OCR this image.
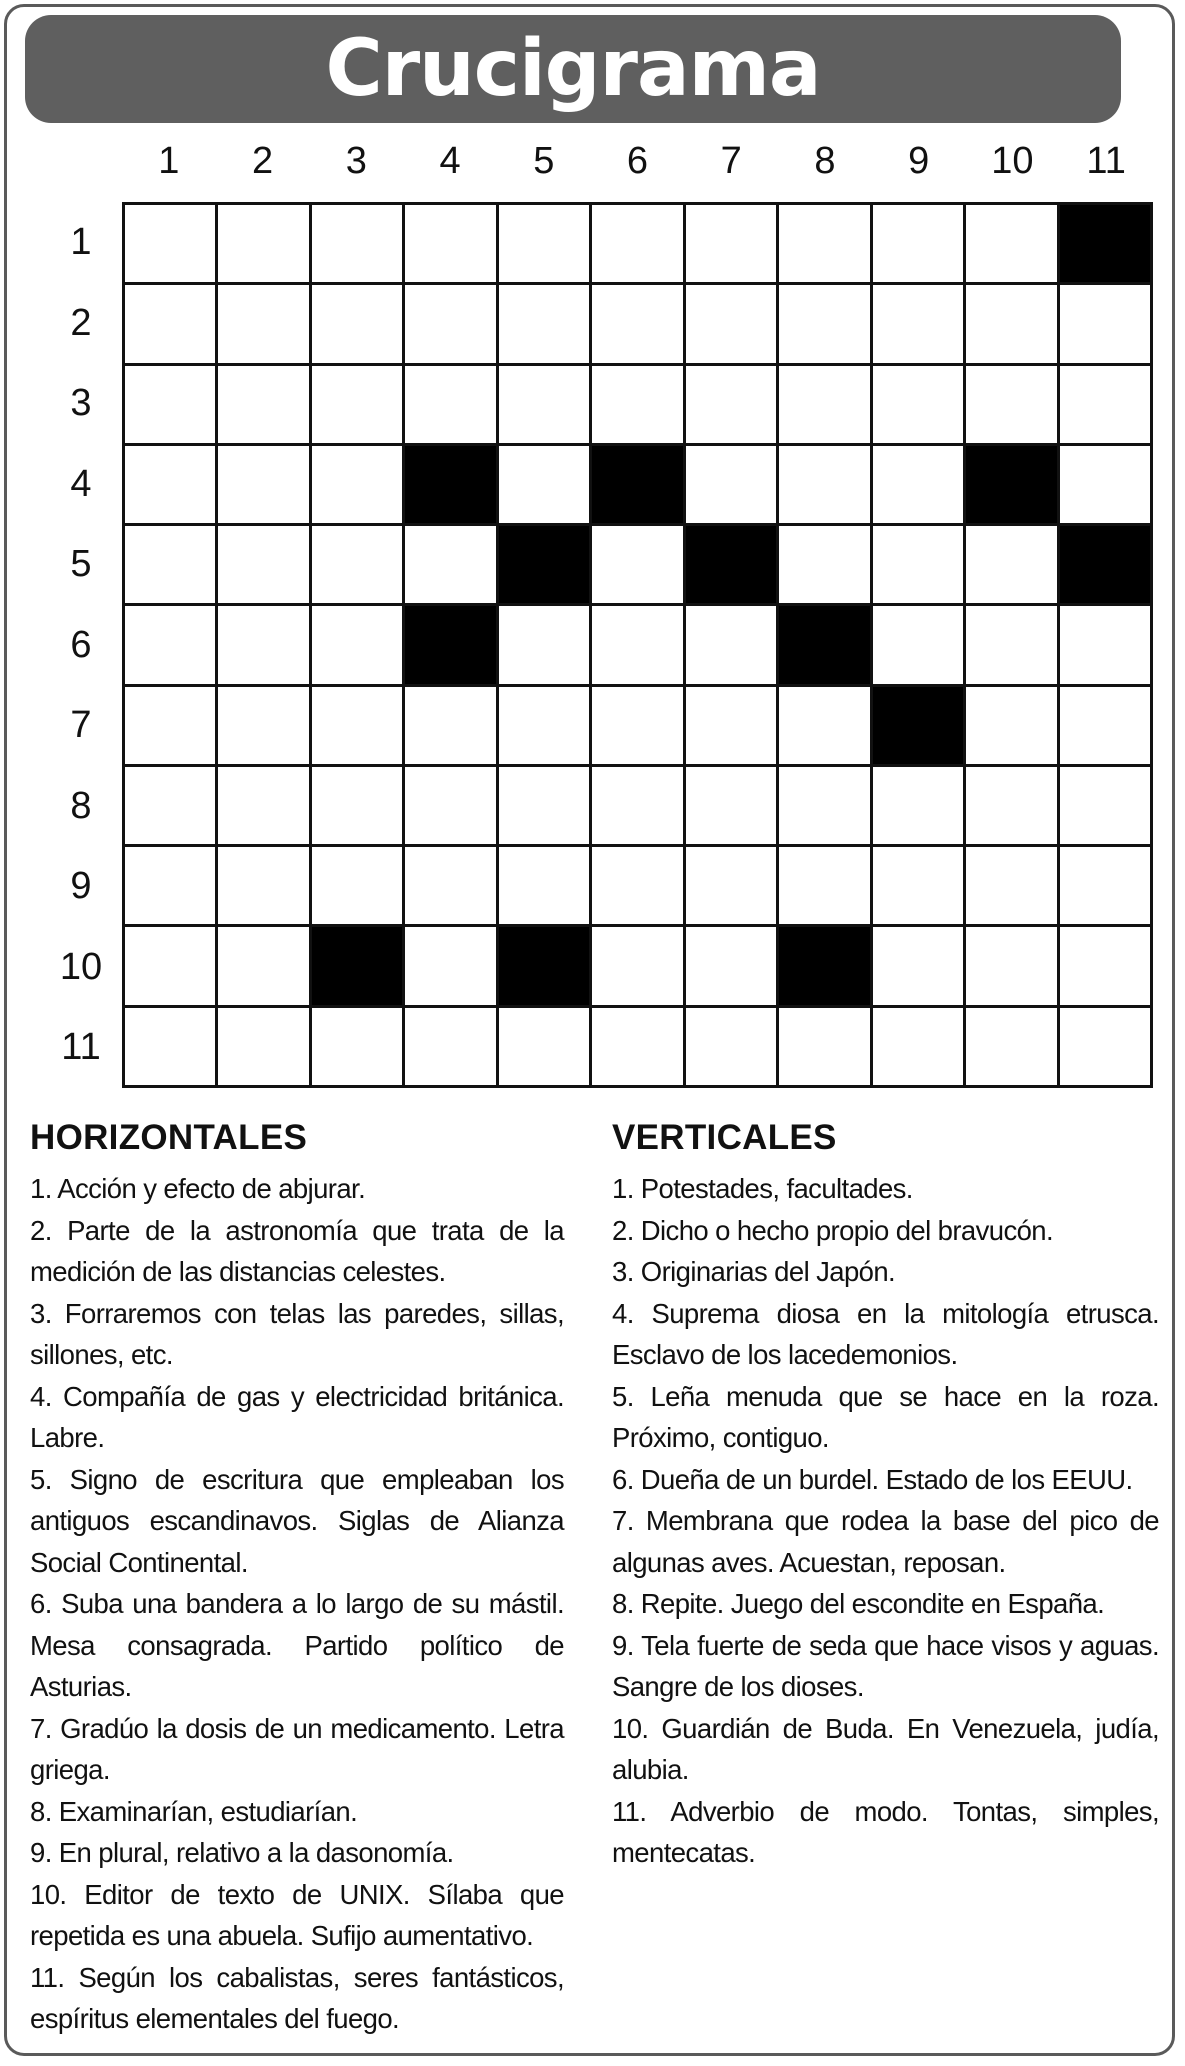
Crucigrama
1	2	3	4	5	6	7	8	9	10	11
1
2
3
4
5
6
7
8
9
10
11
HORIZONTALES
1. Acción y efecto de abjurar.
2. Parte de la astronomía que trata de la medición de las distancias celestes.
3. Forraremos con telas las paredes, sillas, sillones, etc.
4. Compañía de gas y electricidad británica. Labre.
5. Signo de escritura que empleaban los antiguos escandinavos. Siglas de Alianza Social Continental.
6. Suba una bandera a lo largo de su mástil. Mesa consagrada. Partido político de Asturias.
7. Gradúo la dosis de un medicamento. Letra griega.
8. Examinarían, estudiarían.
9. En plural, relativo a la dasonomía.
10. Editor de texto de UNIX. Sílaba que repetida es una abuela. Sufijo aumentativo.
11. Según los cabalistas, seres fantásticos, espíritus elementales del fuego.
VERTICALES
1. Potestades, facultades.
2. Dicho o hecho propio del bravucón.
3. Originarias del Japón.
4. Suprema diosa en la mitología etrusca. Esclavo de los lacedemonios.
5. Leña menuda que se hace en la roza. Próximo, contiguo.
6. Dueña de un burdel. Estado de los EEUU.
7. Membrana que rodea la base del pico de algunas aves. Acuestan, reposan.
8. Repite. Juego del escondite en España.
9. Tela fuerte de seda que hace visos y aguas. Sangre de los dioses.
10. Guardián de Buda. En Venezuela, judía, alubia.
11. Adverbio de modo. Tontas, simples, mentecatas.
